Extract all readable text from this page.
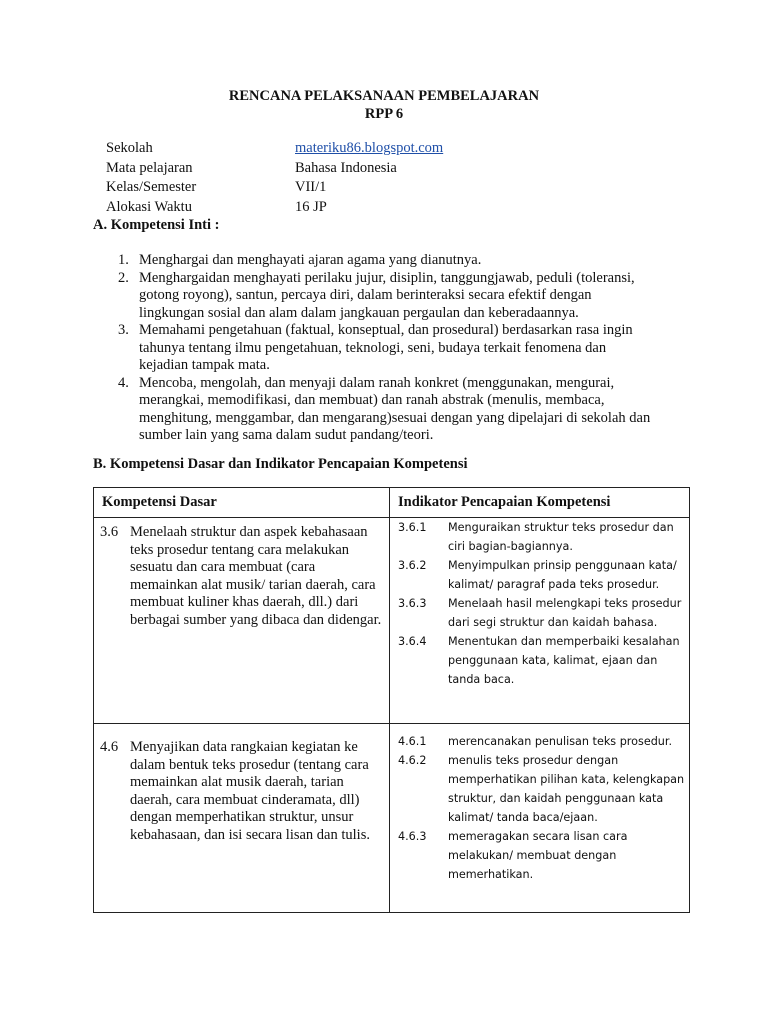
RENCANA PELAKSANAAN PEMBELAJARAN
RPP 6
Sekolah	materiku86.blogspot.com
Mata pelajaran	Bahasa Indonesia
Kelas/Semester	VII/1
Alokasi Waktu	16 JP
A. Kompetensi Inti :
1. Menghargai dan menghayati ajaran agama yang dianutnya.
2. Menghargaidan menghayati perilaku jujur, disiplin, tanggungjawab, peduli (toleransi, gotong royong), santun, percaya diri, dalam berinteraksi secara efektif dengan lingkungan sosial dan alam dalam jangkauan pergaulan dan keberadaannya.
3. Memahami pengetahuan (faktual, konseptual, dan prosedural) berdasarkan rasa ingin tahunya tentang ilmu pengetahuan, teknologi, seni, budaya terkait fenomena dan kejadian tampak mata.
4. Mencoba, mengolah, dan menyaji dalam ranah konkret (menggunakan, mengurai, merangkai, memodifikasi, dan membuat) dan ranah abstrak (menulis, membaca, menghitung, menggambar, dan mengarang)sesuai dengan yang dipelajari di sekolah dan sumber lain yang sama dalam sudut pandang/teori.
B. Kompetensi Dasar dan Indikator Pencapaian Kompetensi
Kompetensi Dasar	Indikator Pencapaian Kompetensi
3.6 Menelaah struktur dan aspek kebahasaan teks prosedur tentang cara melakukan sesuatu dan cara membuat (cara memainkan alat musik/ tarian daerah, cara membuat kuliner khas daerah, dll.) dari berbagai sumber yang dibaca dan didengar.
3.6.1 Menguraikan struktur teks prosedur dan ciri bagian-bagiannya.
3.6.2 Menyimpulkan prinsip penggunaan kata/ kalimat/ paragraf pada teks prosedur.
3.6.3 Menelaah hasil melengkapi teks prosedur dari segi struktur dan kaidah bahasa.
3.6.4 Menentukan dan memperbaiki kesalahan penggunaan kata, kalimat, ejaan dan tanda baca.
4.6 Menyajikan data rangkaian kegiatan ke dalam bentuk teks prosedur (tentang cara memainkan alat musik daerah, tarian daerah, cara membuat cinderamata, dll) dengan memperhatikan struktur, unsur kebahasaan, dan isi secara lisan dan tulis.
4.6.1 merencanakan penulisan teks prosedur.
4.6.2 menulis teks prosedur dengan memperhatikan pilihan kata, kelengkapan struktur, dan kaidah penggunaan kata kalimat/ tanda baca/ejaan.
4.6.3 memeragakan secara lisan cara melakukan/ membuat dengan memerhatikan.
